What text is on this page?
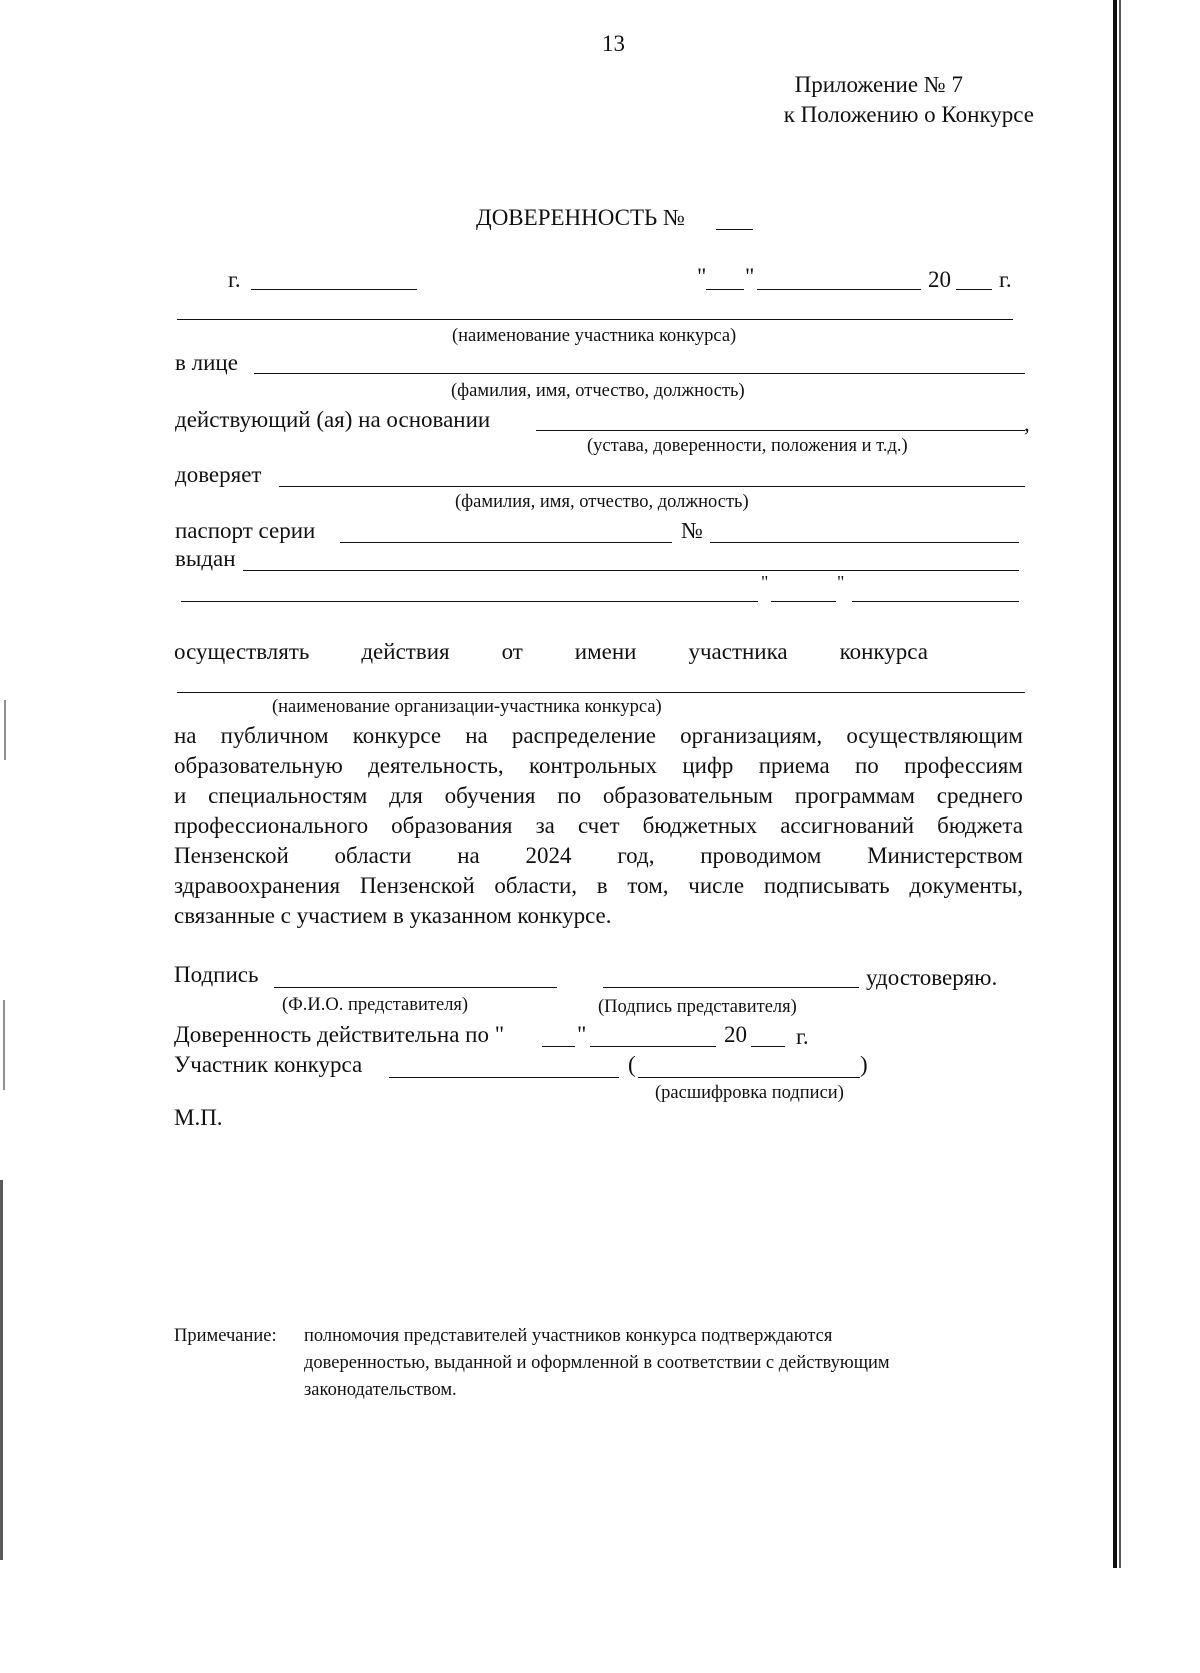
13
Приложение № 7
к Положению о Конкурсе
ДОВЕРЕННОСТЬ №
г.	" "	20 г.
(наименование участника конкурса)
в лице
(фамилия, имя, отчество, должность)
действующий (ая) на основании	,
(устава, доверенности, положения и т.д.)
доверяет
(фамилия, имя, отчество, должность)
паспорт серии	№
выдан
"	"
осуществлять действия от имени участника конкурса
(наименование организации-участника конкурса)
на публичном конкурсе на распределение организациям, осуществляющим
образовательную деятельность, контрольных цифр приема по профессиям
и специальностям для обучения по образовательным программам среднего
профессионального образования за счет бюджетных ассигнований бюджета
Пензенской области на 2024 год, проводимом Министерством
здравоохранения Пензенской области, в том, числе подписывать документы,
связанные с участием в указанном конкурсе.
Подпись	удостоверяю.
(Ф.И.О. представителя)	(Подпись представителя)
Доверенность действительна по "	"	20 г.
Участник конкурса	(	)
(расшифровка подписи)
М.П.
Примечание: полномочия представителей участников конкурса подтверждаются
доверенностью, выданной и оформленной в соответствии с действующим
законодательством.
